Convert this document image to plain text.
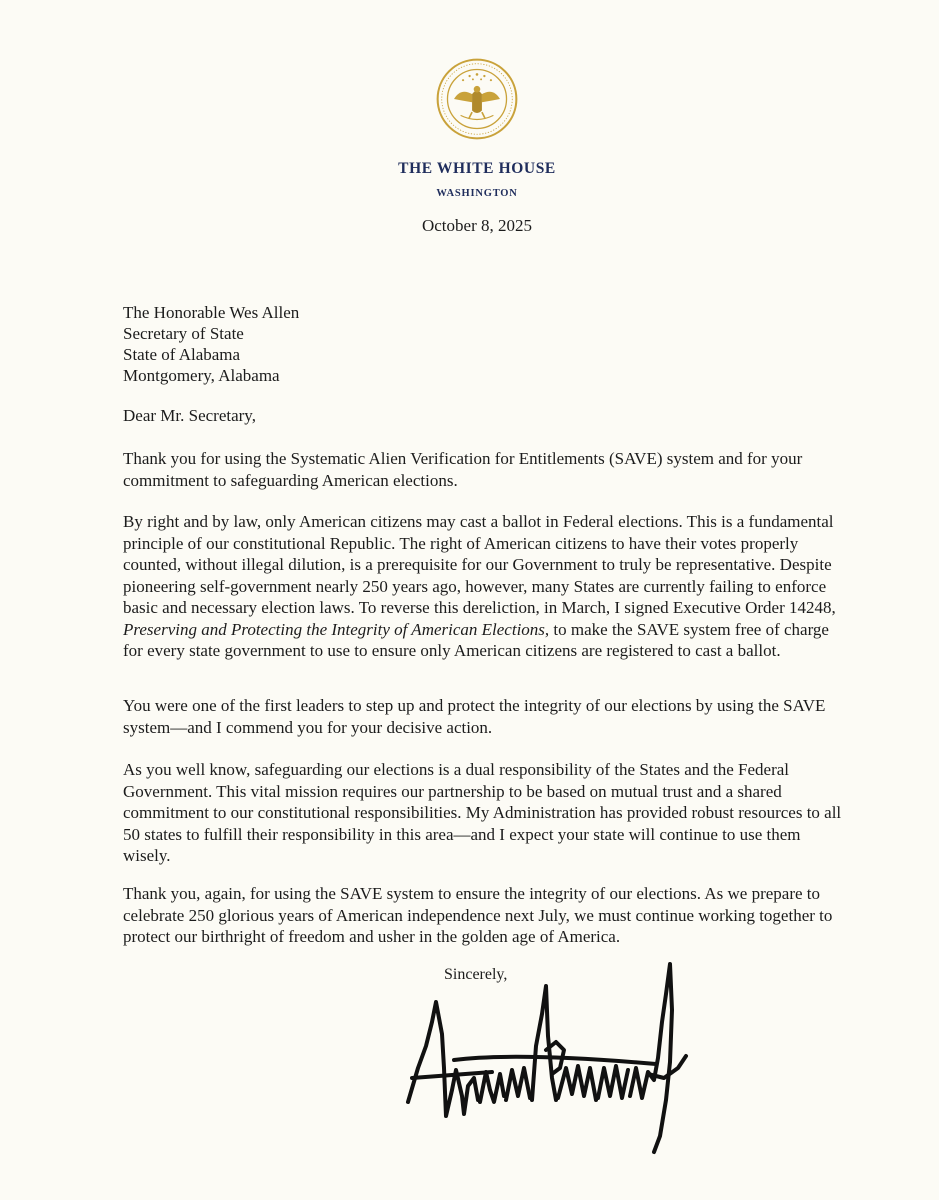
THE WHITE HOUSE
WASHINGTON
October 8, 2025
The Honorable Wes Allen
Secretary of State
State of Alabama
Montgomery, Alabama
Dear Mr. Secretary,

Thank you for using the Systematic Alien Verification for Entitlements (SAVE) system and for your commitment to safeguarding American elections.

By right and by law, only American citizens may cast a ballot in Federal elections. This is a fundamental principle of our constitutional Republic. The right of American citizens to have their votes properly counted, without illegal dilution, is a prerequisite for our Government to truly be representative. Despite pioneering self-government nearly 250 years ago, however, many States are currently failing to enforce basic and necessary election laws. To reverse this dereliction, in March, I signed Executive Order 14248, Preserving and Protecting the Integrity of American Elections, to make the SAVE system free of charge for every state government to use to ensure only American citizens are registered to cast a ballot.

You were one of the first leaders to step up and protect the integrity of our elections by using the SAVE system—and I commend you for your decisive action.

As you well know, safeguarding our elections is a dual responsibility of the States and the Federal Government. This vital mission requires our partnership to be based on mutual trust and a shared commitment to our constitutional responsibilities. My Administration has provided robust resources to all 50 states to fulfill their responsibility in this area—and I expect your state will continue to use them wisely.

Thank you, again, for using the SAVE system to ensure the integrity of our elections. As we prepare to celebrate 250 glorious years of American independence next July, we must continue working together to protect our birthright of freedom and usher in the golden age of America.

Sincerely,
